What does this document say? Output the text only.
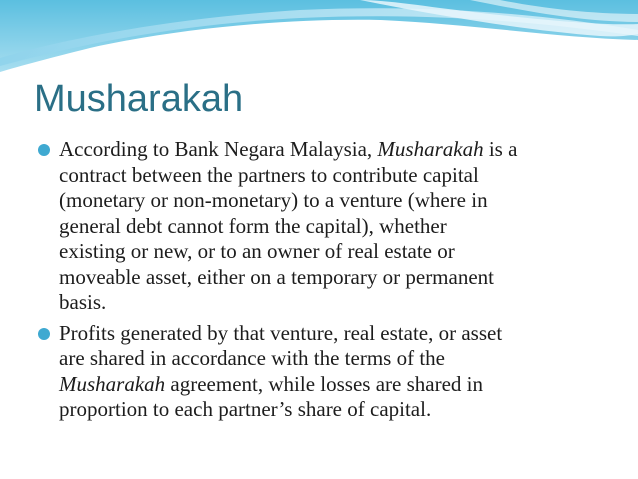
Musharakah
According to Bank Negara Malaysia, Musharakah is a
contract between the partners to contribute capital
(monetary or non-monetary) to a venture (where in
general debt cannot form the capital), whether
existing or new, or to an owner of real estate or
moveable asset, either on a temporary or permanent
basis.
Profits generated by that venture, real estate, or asset
are shared in accordance with the terms of the
Musharakah agreement, while losses are shared in
proportion to each partner’s share of capital.
